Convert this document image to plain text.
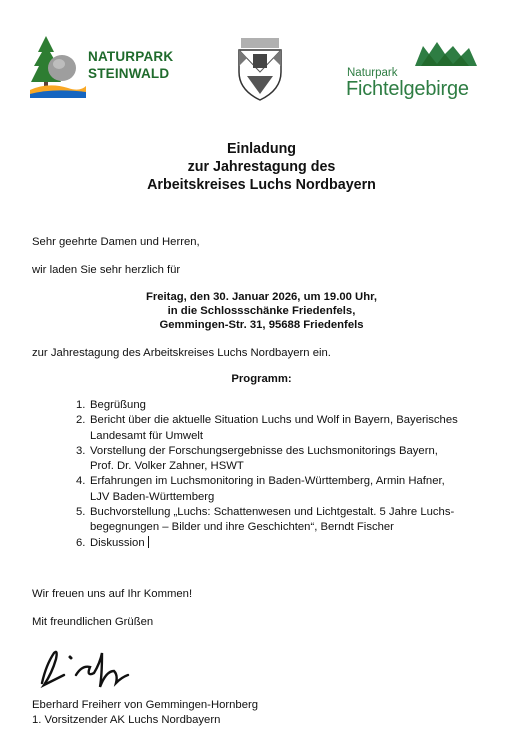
NATURPARK
STEINWALD	Naturpark
Fichtelgebirge
Einladung
zur Jahrestagung des
Arbeitskreises Luchs Nordbayern
Sehr geehrte Damen und Herren,
wir laden Sie sehr herzlich für
Freitag, den 30. Januar 2026, um 19.00 Uhr,
in die Schlossschänke Friedenfels,
Gemmingen-Str. 31, 95688 Friedenfels
zur Jahrestagung des Arbeitskreises Luchs Nordbayern ein.
Programm:
1. Begrüßung
2. Bericht über die aktuelle Situation Luchs und Wolf in Bayern, Bayerisches
Landesamt für Umwelt
3. Vorstellung der Forschungsergebnisse des Luchsmonitorings Bayern,
Prof. Dr. Volker Zahner, HSWT
4. Erfahrungen im Luchsmonitoring in Baden-Württemberg, Armin Hafner,
LJV Baden-Württemberg
5. Buchvorstellung „Luchs: Schattenwesen und Lichtgestalt. 5 Jahre Luchs-
begegnungen – Bilder und ihre Geschichten“, Berndt Fischer
6. Diskussion
Wir freuen uns auf Ihr Kommen!
Mit freundlichen Grüßen
Eberhard Freiherr von Gemmingen-Hornberg
1. Vorsitzender AK Luchs Nordbayern
